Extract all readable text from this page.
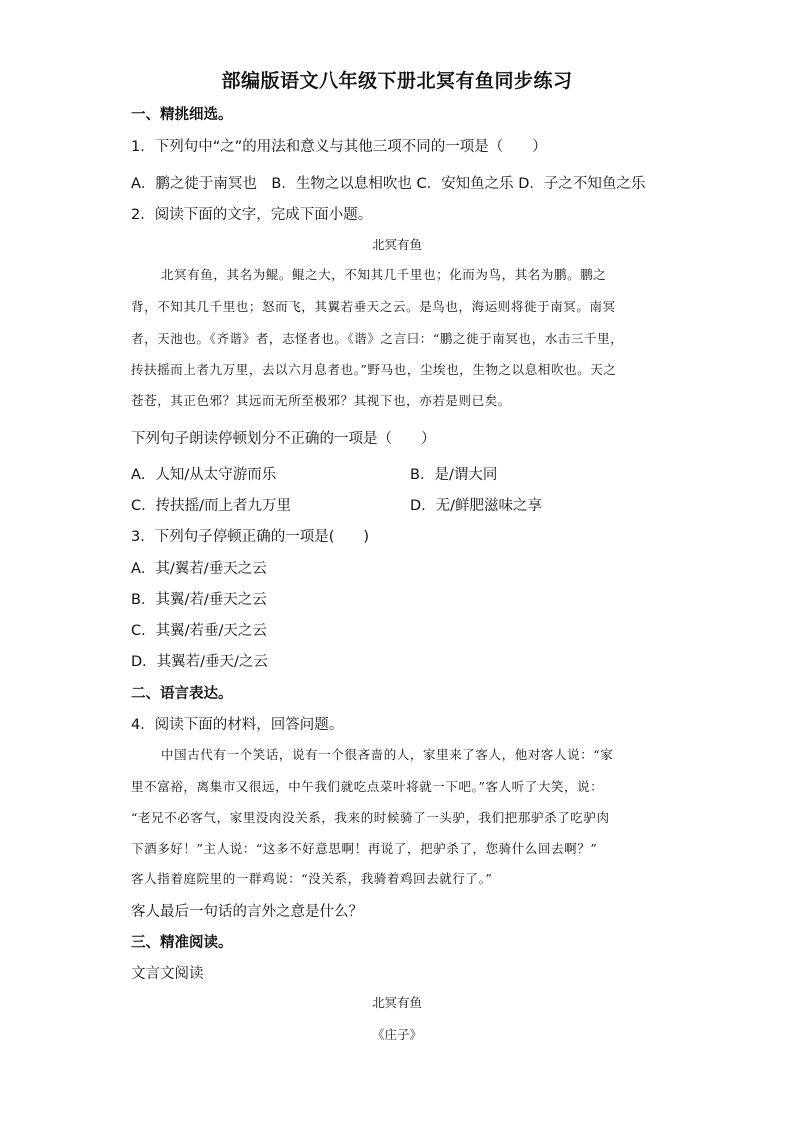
部编版语文八年级下册北冥有鱼同步练习
一、精挑细选。
1．下列句中“之”的用法和意义与其他三项不同的一项是（　　）
A．鹏之徙于南冥也　B．生物之以息相吹也 C．安知鱼之乐 D．子之不知鱼之乐
2．阅读下面的文字，完成下面小题。
北冥有鱼
北冥有鱼，其名为鲲。鲲之大，不知其几千里也；化而为鸟，其名为鹏。鹏之
背，不知其几千里也；怒而飞，其翼若垂天之云。是鸟也，海运则将徙于南冥。南冥
者，天池也。《齐谐》者，志怪者也。《谐》之言曰：“鹏之徙于南冥也，水击三千里，
抟扶摇而上者九万里，去以六月息者也。”野马也，尘埃也，生物之以息相吹也。天之
苍苍，其正色邪？其远而无所至极邪？其视下也，亦若是则已矣。
下列句子朗读停顿划分不正确的一项是（　　）
A．人知/从太守游而乐	B．是/谓大同
C．抟扶摇/而上者九万里	D．无/鲜肥滋味之享
3．下列句子停顿正确的一项是(　　)
A．其/翼若/垂天之云
B．其翼/若/垂天之云
C．其翼/若垂/天之云
D．其翼若/垂天/之云
二、语言表达。
4．阅读下面的材料，回答问题。
中国古代有一个笑话，说有一个很吝啬的人，家里来了客人，他对客人说：“家
里不富裕，离集市又很远，中午我们就吃点菜叶将就一下吧。”客人听了大笑，说：
“老兄不必客气，家里没肉没关系，我来的时候骑了一头驴，我们把那驴杀了吃驴肉
下酒多好！”主人说：“这多不好意思啊！再说了，把驴杀了，您骑什么回去啊？”
客人指着庭院里的一群鸡说：“没关系，我骑着鸡回去就行了。”
客人最后一句话的言外之意是什么？
三、精准阅读。
文言文阅读
北冥有鱼
《庄子》
